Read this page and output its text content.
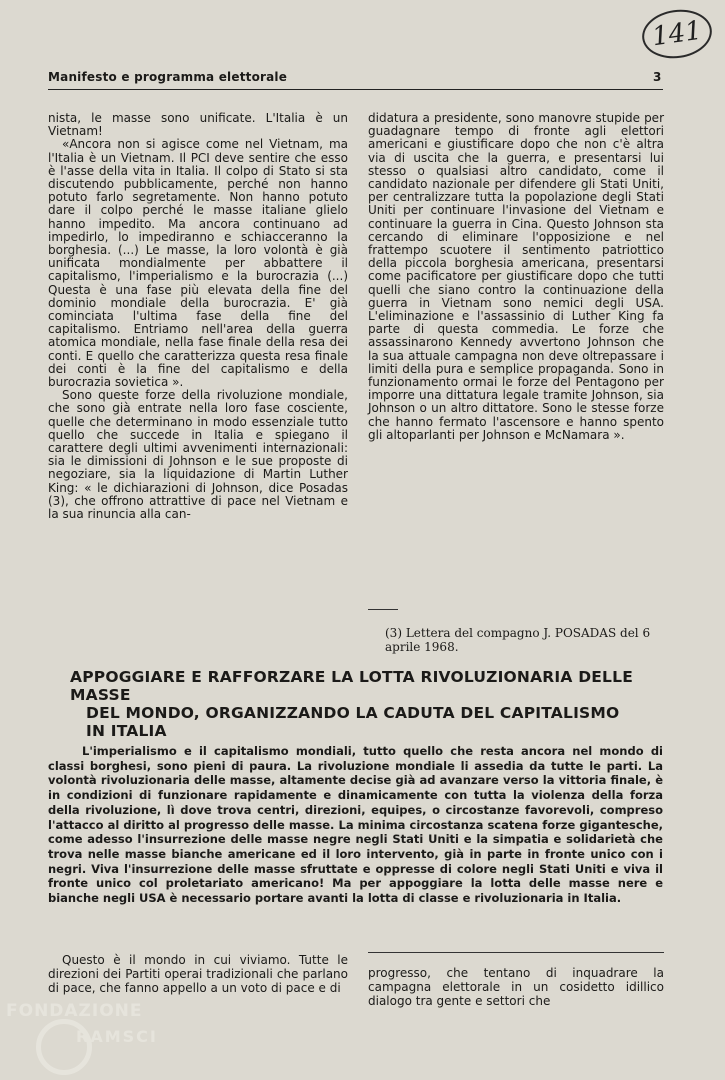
141
Manifesto e programma elettorale	3

nista, le masse sono unificate. L'Italia è un Vietnam!

«Ancora non si agisce come nel Vietnam, ma l'Italia è un Vietnam. Il PCI deve sentire che esso è l'asse della vita in Italia. Il colpo di Stato si sta discutendo pubblicamente, perché non hanno potuto farlo segretamente. Non hanno potuto dare il colpo perché le masse italiane glielo hanno impedito. Ma ancora continuano ad impedirlo, lo impediranno e schiacceranno la borghesia. (...) Le masse, la loro volontà è già unificata mondialmente per abbattere il capitalismo, l'imperialismo e la burocrazia (...) Questa è una fase più elevata della fine del dominio mondiale della burocrazia. E' già cominciata l'ultima fase della fine del capitalismo. Entriamo nell'area della guerra atomica mondiale, nella fase finale della resa dei conti. E quello che caratterizza questa resa finale dei conti è la fine del capitalismo e della burocrazia sovietica ».

Sono queste forze della rivoluzione mondiale, che sono già entrate nella loro fase cosciente, quelle che determinano in modo essenziale tutto quello che succede in Italia e spiegano il carattere degli ultimi avvenimenti internazionali: sia le dimissioni di Johnson e le sue proposte di negoziare, sia la liquidazione di Martin Luther King: « le dichiarazioni di Johnson, dice Posadas (3), che offrono attrattive di pace nel Vietnam e la sua rinuncia alla can-

didatura a presidente, sono manovre stupide per guadagnare tempo di fronte agli elettori americani e giustificare dopo che non c'è altra via di uscita che la guerra, e presentarsi lui stesso o qualsiasi altro candidato, come il candidato nazionale per difendere gli Stati Uniti, per centralizzare tutta la popolazione degli Stati Uniti per continuare l'invasione del Vietnam e continuare la guerra in Cina. Questo Johnson sta cercando di eliminare l'opposizione e nel frattempo scuotere il sentimento patriottico della piccola borghesia americana, presentarsi come pacificatore per giustificare dopo che tutti quelli che siano contro la continuazione della guerra in Vietnam sono nemici degli USA. L'eliminazione e l'assassinio di Luther King fa parte di questa commedia. Le forze che assassinarono Kennedy avvertono Johnson che la sua attuale campagna non deve oltrepassare i limiti della pura e semplice propaganda. Sono in funzionamento ormai le forze del Pentagono per imporre una dittatura legale tramite Johnson, sia Johnson o un altro dittatore. Sono le stesse forze che hanno fermato l'ascensore e hanno spento gli altoparlanti per Johnson e McNamara ».

(3) Lettera del compagno J. POSADAS del 6 aprile 1968.
APPOGGIARE E RAFFORZARE LA LOTTA RIVOLUZIONARIA DELLE MASSE
DEL MONDO, ORGANIZZANDO LA CADUTA DEL CAPITALISMO
IN ITALIA

L'imperialismo e il capitalismo mondiali, tutto quello che resta ancora nel mondo di classi borghesi, sono pieni di paura. La rivoluzione mondiale li assedia da tutte le parti. La volontà rivoluzionaria delle masse, altamente decise già ad avanzare verso la vittoria finale, è in condizioni di funzionare rapidamente e dinamicamente con tutta la violenza della forza della rivoluzione, lì dove trova centri, direzioni, equipes, o circostanze favorevoli, compreso l'attacco al diritto al progresso delle masse. La minima circostanza scatena forze gigantesche, come adesso l'insurrezione delle masse negre negli Stati Uniti e la simpatia e solidarietà che trova nelle masse bianche americane ed il loro intervento, già in parte in fronte unico con i negri. Viva l'insurrezione delle masse sfruttate e oppresse di colore negli Stati Uniti e viva il fronte unico col proletariato americano! Ma per appoggiare la lotta delle masse nere e bianche negli USA è necessario portare avanti la lotta di classe e rivoluzionaria in Italia.

Questo è il mondo in cui viviamo. Tutte le direzioni dei Partiti operai tradizionali che parlano di pace, che fanno appello a un voto di pace e di

progresso, che tentano di inquadrare la campagna elettorale in un cosidetto idillico dialogo tra gente e settori che

FONDAZIONE
RAMSCI
